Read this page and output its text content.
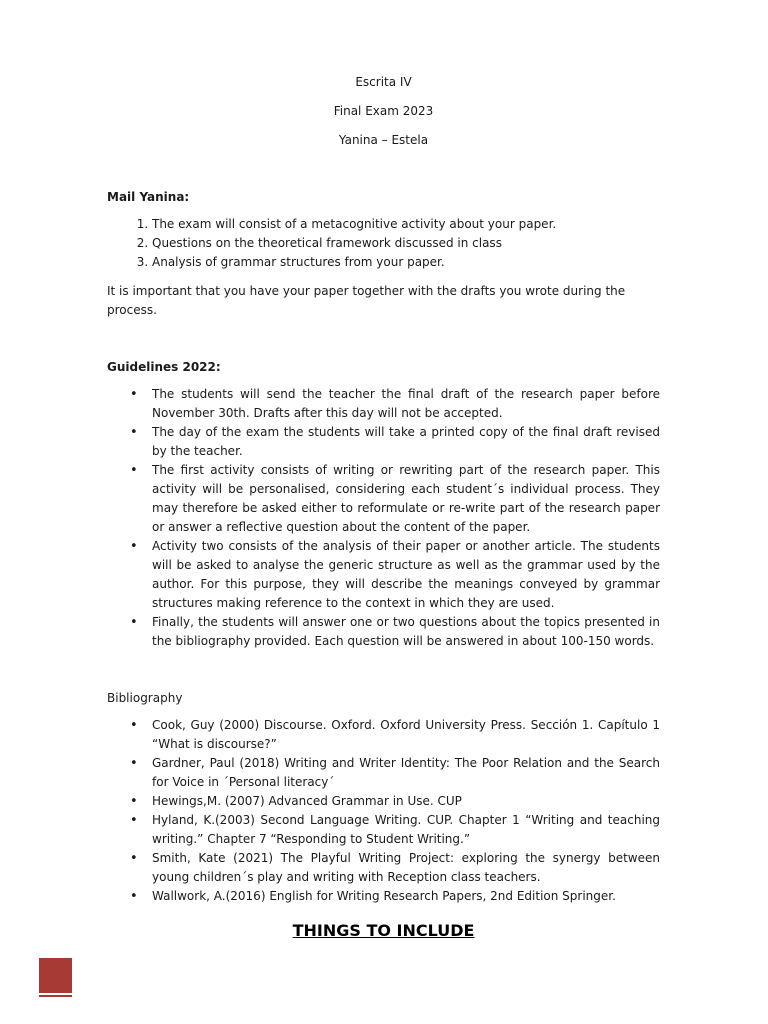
Escrita IV
Final Exam 2023
Yanina – Estela

Mail Yanina:

1. The exam will consist of a metacognitive activity about your paper.
2. Questions on the theoretical framework discussed in class
3. Analysis of grammar structures from your paper.

It is important that you have your paper together with the drafts you wrote during the process.

Guidelines 2022:

• The students will send the teacher the final draft of the research paper before November 30th. Drafts after this day will not be accepted.
• The day of the exam the students will take a printed copy of the final draft revised by the teacher.
• The first activity consists of writing or rewriting part of the research paper. This activity will be personalised, considering each student´s individual process. They may therefore be asked either to reformulate or re-write part of the research paper or answer a reflective question about the content of the paper.
• Activity two consists of the analysis of their paper or another article. The students will be asked to analyse the generic structure as well as the grammar used by the author. For this purpose, they will describe the meanings conveyed by grammar structures making reference to the context in which they are used.
• Finally, the students will answer one or two questions about the topics presented in the bibliography provided. Each question will be answered in about 100-150 words.

Bibliography

• Cook, Guy (2000) Discourse. Oxford. Oxford University Press. Sección 1. Capítulo 1 “What is discourse?”
• Gardner, Paul (2018) Writing and Writer Identity: The Poor Relation and the Search for Voice in ´Personal literacy´
• Hewings,M. (2007) Advanced Grammar in Use. CUP
• Hyland, K.(2003) Second Language Writing. CUP. Chapter 1 “Writing and teaching writing.” Chapter 7 “Responding to Student Writing.”
• Smith, Kate (2021) The Playful Writing Project: exploring the synergy between young children´s play and writing with Reception class teachers.
• Wallwork, A.(2016) English for Writing Research Papers, 2nd Edition Springer.
THINGS TO INCLUDE
